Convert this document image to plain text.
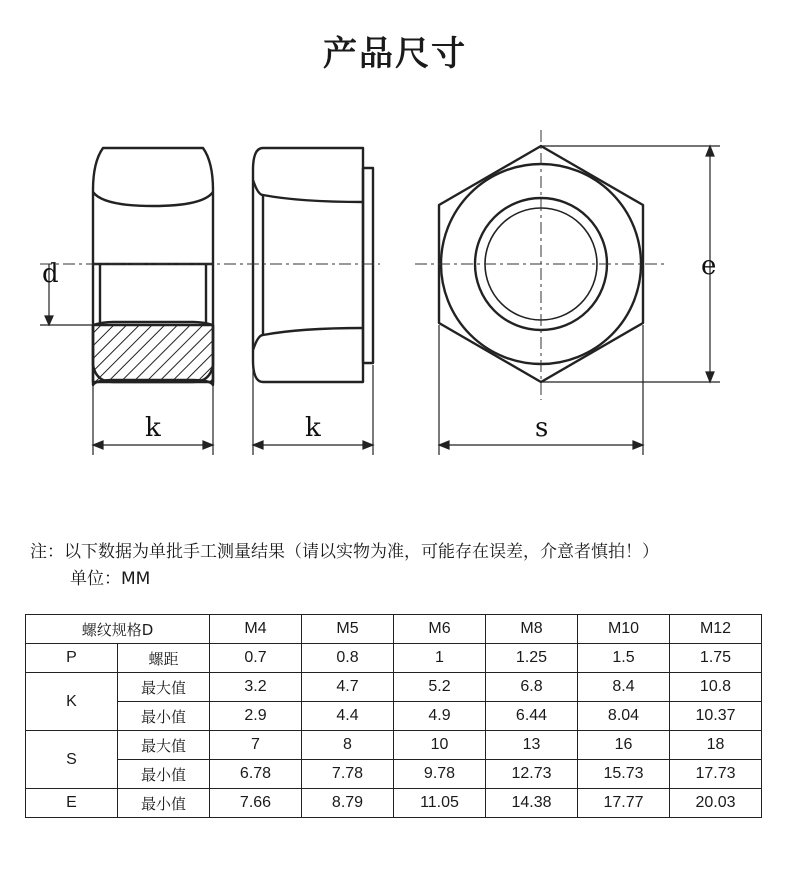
产品尺寸
d
k	k	s
e
注：以下数据为单批手工测量结果（请以实物为准，可能存在误差，介意者慎拍！）
单位：MM
螺纹规格D		M4	M5	M6	M8	M10	M12
P	螺距	0.7	0.8	1	1.25	1.5	1.75
K	最大值	3.2	4.7	5.2	6.8	8.4	10.8
	最小值	2.9	4.4	4.9	6.44	8.04	10.37
S	最大值	7	8	10	13	16	18
	最小值	6.78	7.78	9.78	12.73	15.73	17.73
E	最小值	7.66	8.79	11.05	14.38	17.77	20.03
